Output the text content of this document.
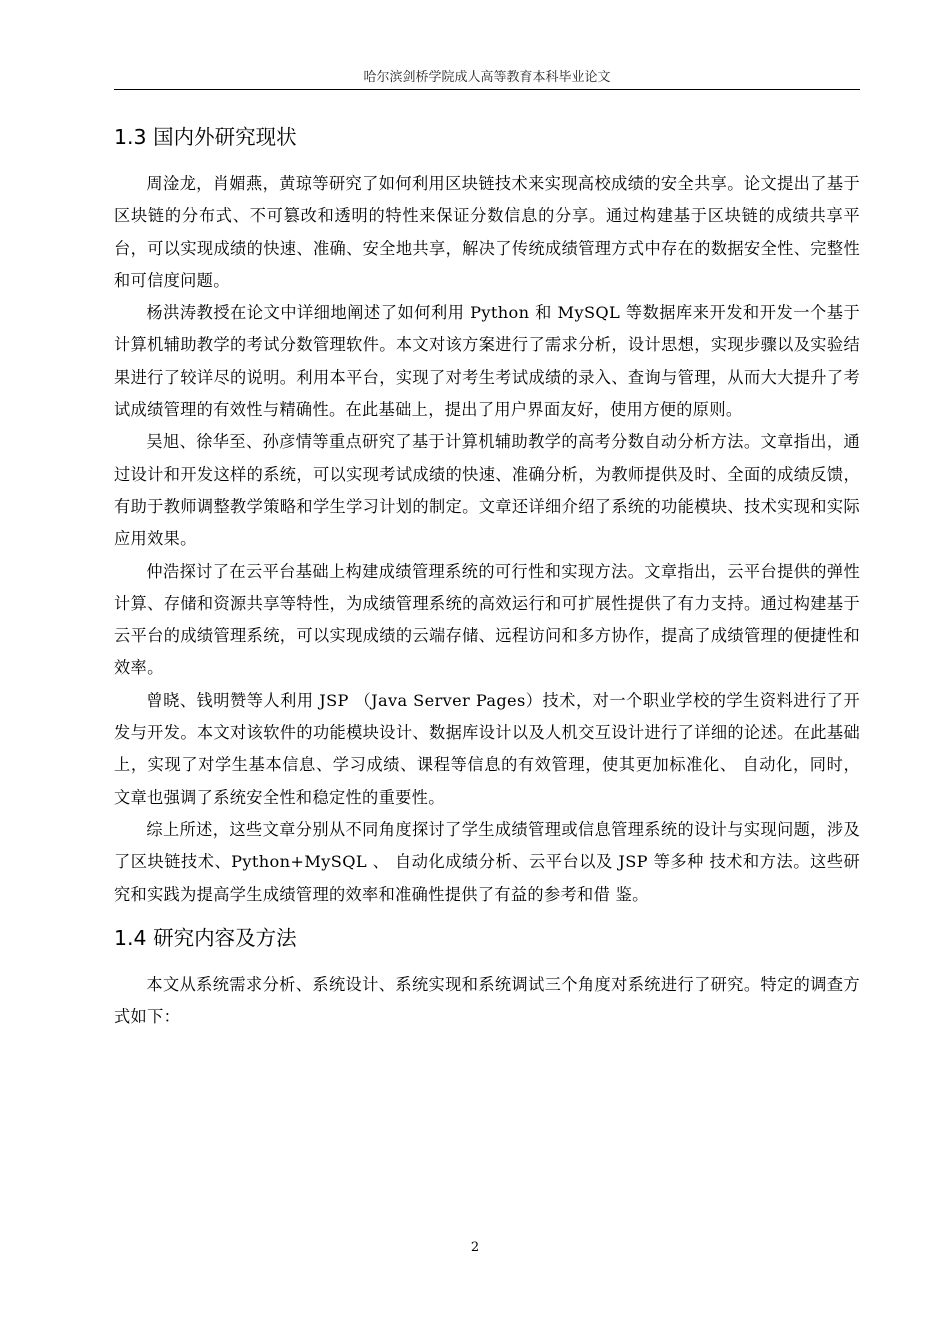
哈尔滨剑桥学院成人高等教育本科毕业论文
1.3 国内外研究现状

周淦龙，肖媚燕，黄琼等研究了如何利用区块链技术来实现高校成绩的安全共享。论文提出了基于区块链的分布式、不可篡改和透明的特性来保证分数信息的分享。通过构建基于区块链的成绩共享平台，可以实现成绩的快速、准确、安全地共享，解决了传统成绩管理方式中存在的数据安全性、完整性和可信度问题。

杨洪涛教授在论文中详细地阐述了如何利用 Python 和 MySQL 等数据库来开发和开发一个基于计算机辅助教学的考试分数管理软件。本文对该方案进行了需求分析，设计思想，实现步骤以及实验结果进行了较详尽的说明。利用本平台，实现了对考生考试成绩的录入、查询与管理，从而大大提升了考试成绩管理的有效性与精确性。在此基础上，提出了用户界面友好，使用方便的原则。

吴旭、徐华至、孙彦情等重点研究了基于计算机辅助教学的高考分数自动分析方法。文章指出，通过设计和开发这样的系统，可以实现考试成绩的快速、准确分析，为教师提供及时、全面的成绩反馈，有助于教师调整教学策略和学生学习计划的制定。文章还详细介绍了系统的功能模块、技术实现和实际应用效果。

仲浩探讨了在云平台基础上构建成绩管理系统的可行性和实现方法。文章指出，云平台提供的弹性计算、存储和资源共享等特性，为成绩管理系统的高效运行和可扩展性提供了有力支持。通过构建基于云平台的成绩管理系统，可以实现成绩的云端存储、远程访问和多方协作，提高了成绩管理的便捷性和效率。

曾晓、钱明赞等人利用 JSP （Java Server Pages）技术，对一个职业学校的学生资料进行了开发与开发。本文对该软件的功能模块设计、数据库设计以及人机交互设计进行了详细的论述。在此基础上，实现了对学生基本信息、学习成绩、课程等信息的有效管理，使其更加标准化、 自动化，同时，文章也强调了系统安全性和稳定性的重要性。

综上所述，这些文章分别从不同角度探讨了学生成绩管理或信息管理系统的设计与实现问题，涉及了区块链技术、Python+MySQL 、 自动化成绩分析、云平台以及 JSP 等多种 技术和方法。这些研究和实践为提高学生成绩管理的效率和准确性提供了有益的参考和借 鉴。

1.4 研究内容及方法

本文从系统需求分析、系统设计、系统实现和系统调试三个角度对系统进行了研究。特定的调查方式如下：

2
